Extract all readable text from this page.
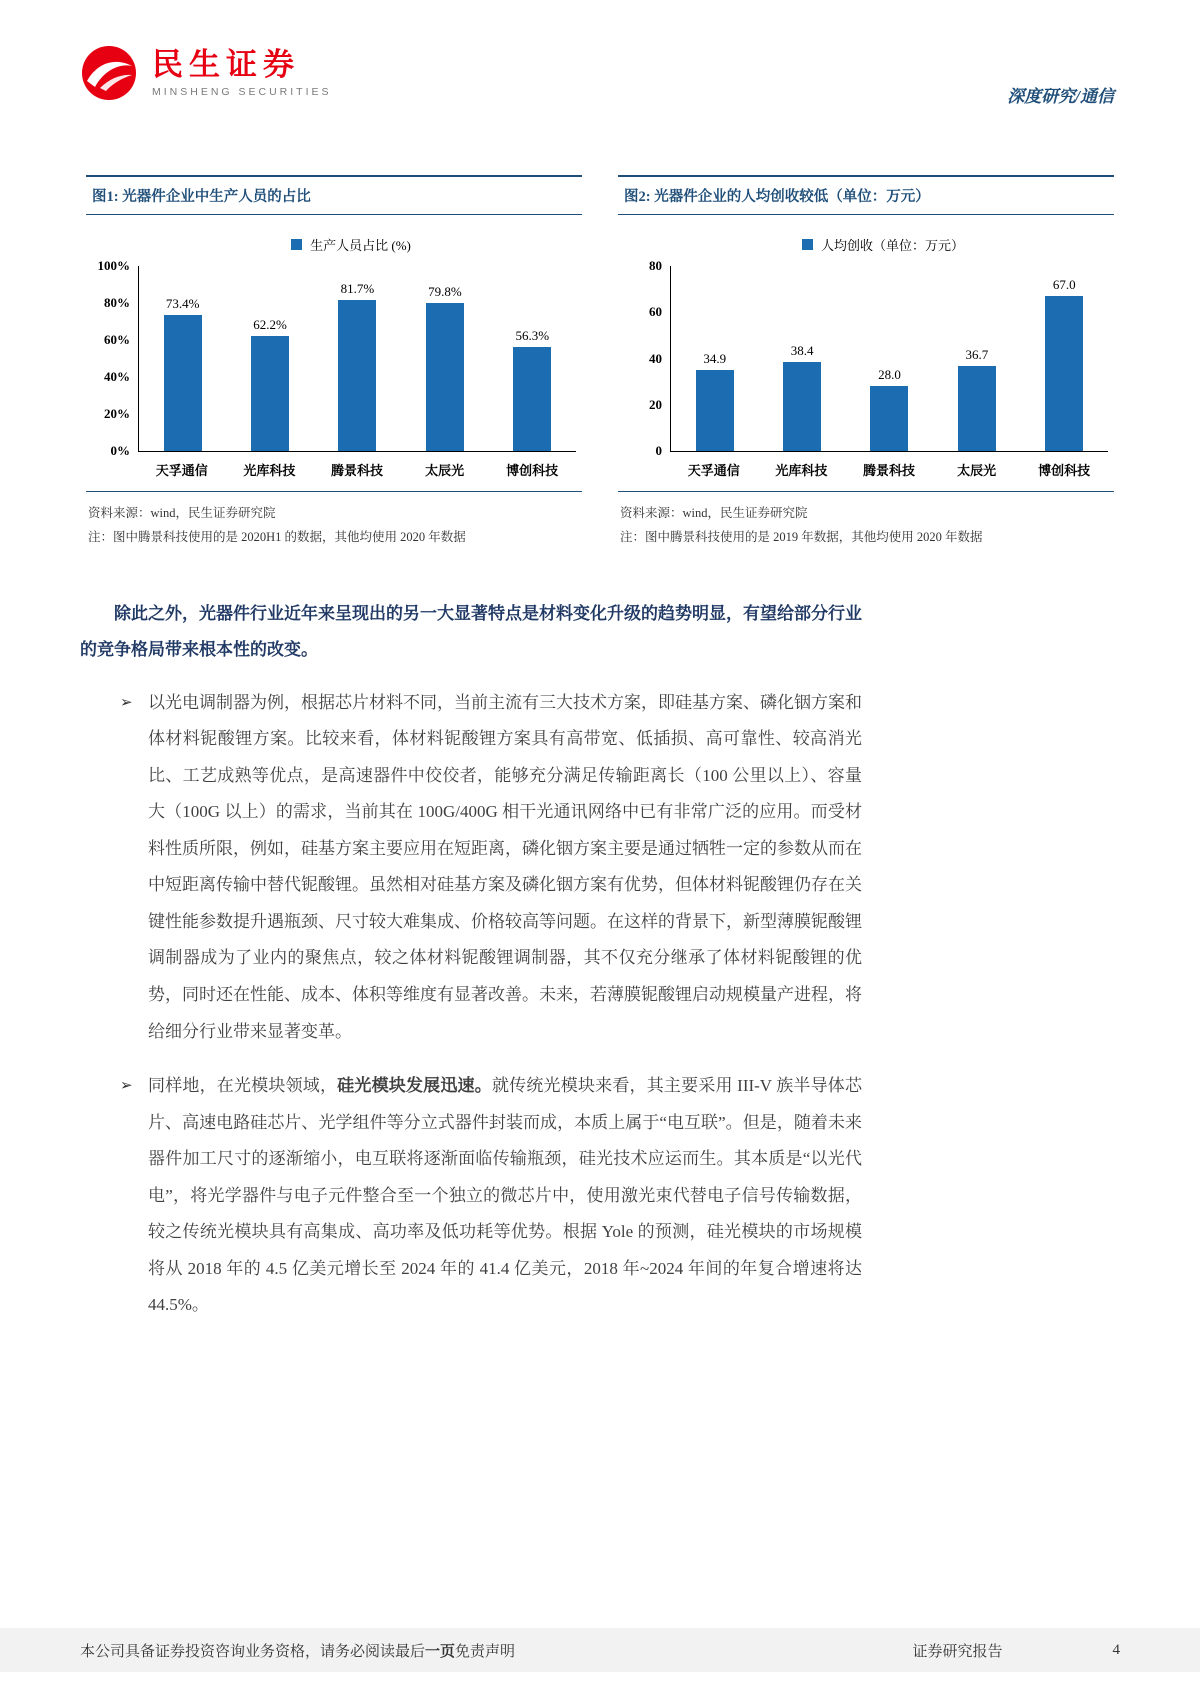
民生证券
MINSHENG SECURITIES	深度研究/通信
图1: 光器件企业中生产人员的占比
生产人员占比 (%)
100%
80%
60%
40%
20%
0%
73.4%
62.2%
81.7%	79.8%
56.3%
天孚通信	光库科技	腾景科技	太辰光	博创科技
资料来源：wind，民生证券研究院
注：图中腾景科技使用的是 2020H1 的数据，其他均使用 2020 年数据
图2: 光器件企业的人均创收较低（单位：万元）
人均创收（单位：万元）
80
60
40
20
0
34.9
38.4
28.0
36.7
67.0
天孚通信	光库科技	腾景科技	太辰光	博创科技
资料来源：wind，民生证券研究院
注：图中腾景科技使用的是 2019 年数据，其他均使用 2020 年数据

除此之外，光器件行业近年来呈现出的另一大显著特点是材料变化升级的趋势明显，有望给部分行业的竞争格局带来根本性的改变。

➢ 以光电调制器为例，根据芯片材料不同，当前主流有三大技术方案，即硅基方案、磷化铟方案和体材料铌酸锂方案。比较来看，体材料铌酸锂方案具有高带宽、低插损、高可靠性、较高消光比、工艺成熟等优点，是高速器件中佼佼者，能够充分满足传输距离长（100 公里以上）、容量大（100G 以上）的需求，当前其在 100G/400G 相干光通讯网络中已有非常广泛的应用。而受材料性质所限，例如，硅基方案主要应用在短距离，磷化铟方案主要是通过牺牲一定的参数从而在中短距离传输中替代铌酸锂。虽然相对硅基方案及磷化铟方案有优势，但体材料铌酸锂仍存在关键性能参数提升遇瓶颈、尺寸较大难集成、价格较高等问题。在这样的背景下，新型薄膜铌酸锂调制器成为了业内的聚焦点，较之体材料铌酸锂调制器，其不仅充分继承了体材料铌酸锂的优势，同时还在性能、成本、体积等维度有显著改善。未来，若薄膜铌酸锂启动规模量产进程，将给细分行业带来显著变革。

➢ 同样地，在光模块领域，硅光模块发展迅速。就传统光模块来看，其主要采用 III-V 族半导体芯片、高速电路硅芯片、光学组件等分立式器件封装而成，本质上属于“电互联”。但是，随着未来器件加工尺寸的逐渐缩小，电互联将逐渐面临传输瓶颈，硅光技术应运而生。其本质是“以光代电”，将光学器件与电子元件整合至一个独立的微芯片中，使用激光束代替电子信号传输数据，较之传统光模块具有高集成、高功率及低功耗等优势。根据 Yole 的预测，硅光模块的市场规模将从 2018 年的 4.5 亿美元增长至 2024 年的 41.4 亿美元，2018 年~2024 年间的年复合增速将达 44.5%。

本公司具备证券投资咨询业务资格，请务必阅读最后一页免责声明	证券研究报告	4
